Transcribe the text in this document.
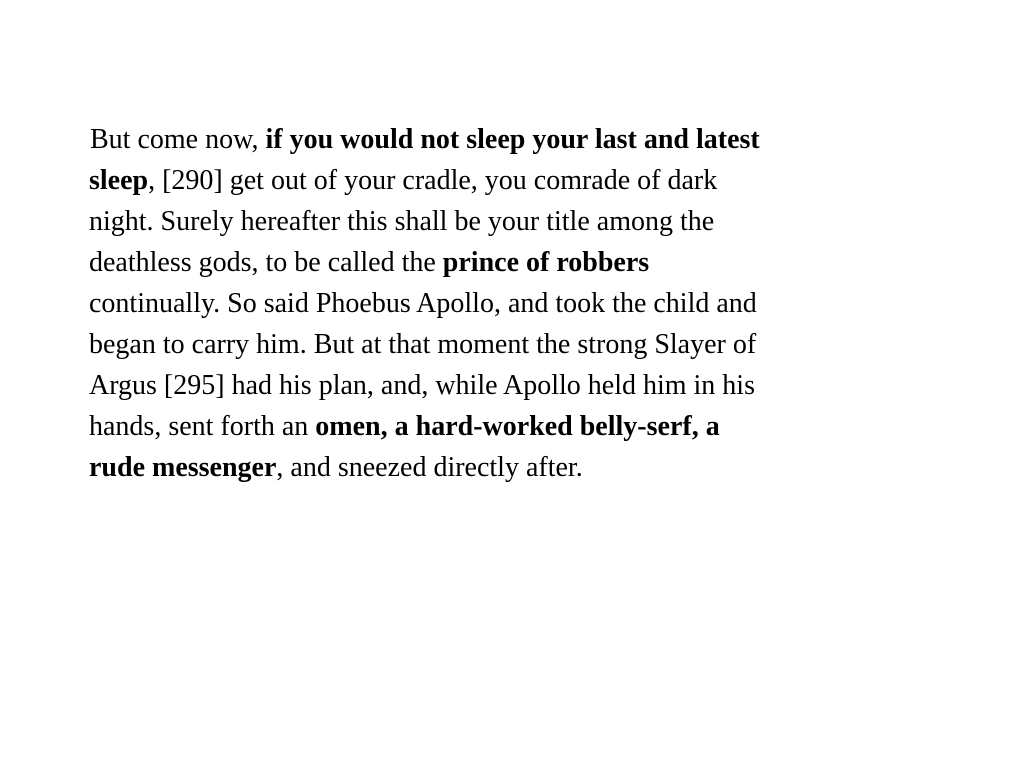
But come now, if you would not sleep your last and latest
sleep, [290] get out of your cradle, you comrade of dark
night. Surely hereafter this shall be your title among the
deathless gods, to be called the prince of robbers
continually. So said Phoebus Apollo, and took the child and
began to carry him. But at that moment the strong Slayer of
Argus [295] had his plan, and, while Apollo held him in his
hands, sent forth an omen, a hard-worked belly-serf, a
rude messenger, and sneezed directly after.
